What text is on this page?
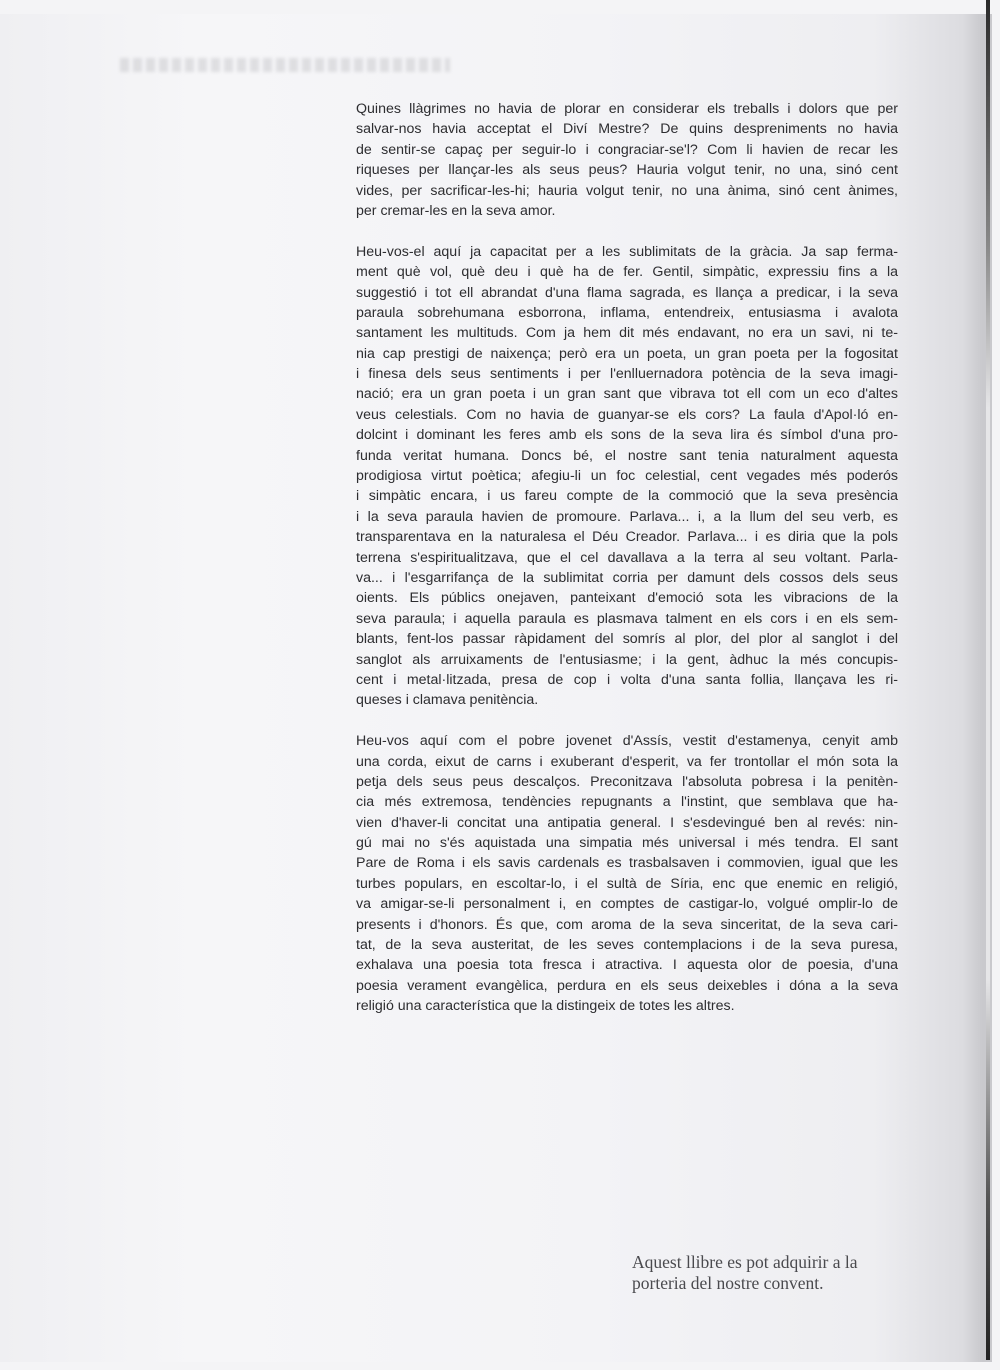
Quines llàgrimes no havia de plorar en considerar els treballs i dolors que per
salvar-nos havia acceptat el Diví Mestre? De quins despreniments no havia
de sentir-se capaç per seguir-lo i congraciar-se'l? Com li havien de recar les
riqueses per llançar-les als seus peus? Hauria volgut tenir, no una, sinó cent
vides, per sacrificar-les-hi; hauria volgut tenir, no una ànima, sinó cent ànimes,
per cremar-les en la seva amor.
Heu-vos-el aquí ja capacitat per a les sublimitats de la gràcia. Ja sap ferma-
ment què vol, què deu i què ha de fer. Gentil, simpàtic, expressiu fins a la
suggestió i tot ell abrandat d'una flama sagrada, es llança a predicar, i la seva
paraula sobrehumana esborrona, inflama, entendreix, entusiasma i avalota
santament les multituds. Com ja hem dit més endavant, no era un savi, ni te-
nia cap prestigi de naixença; però era un poeta, un gran poeta per la fogositat
i finesa dels seus sentiments i per l'enlluernadora potència de la seva imagi-
nació; era un gran poeta i un gran sant que vibrava tot ell com un eco d'altes
veus celestials. Com no havia de guanyar-se els cors? La faula d'Apol·ló en-
dolcint i dominant les feres amb els sons de la seva lira és símbol d'una pro-
funda veritat humana. Doncs bé, el nostre sant tenia naturalment aquesta
prodigiosa virtut poètica; afegiu-li un foc celestial, cent vegades més poderós
i simpàtic encara, i us fareu compte de la commoció que la seva presència
i la seva paraula havien de promoure. Parlava... i, a la llum del seu verb, es
transparentava en la naturalesa el Déu Creador. Parlava... i es diria que la pols
terrena s'espiritualitzava, que el cel davallava a la terra al seu voltant. Parla-
va... i l'esgarrifança de la sublimitat corria per damunt dels cossos dels seus
oients. Els públics onejaven, panteixant d'emoció sota les vibracions de la
seva paraula; i aquella paraula es plasmava talment en els cors i en els sem-
blants, fent-los passar ràpidament del somrís al plor, del plor al sanglot i del
sanglot als arruixaments de l'entusiasme; i la gent, àdhuc la més concupis-
cent i metal·litzada, presa de cop i volta d'una santa follia, llançava les ri-
queses i clamava penitència.
Heu-vos aquí com el pobre jovenet d'Assís, vestit d'estamenya, cenyit amb
una corda, eixut de carns i exuberant d'esperit, va fer trontollar el món sota la
petja dels seus peus descalços. Preconitzava l'absoluta pobresa i la penitèn-
cia més extremosa, tendències repugnants a l'instint, que semblava que ha-
vien d'haver-li concitat una antipatia general. I s'esdevingué ben al revés: nin-
gú mai no s'és aquistada una simpatia més universal i més tendra. El sant
Pare de Roma i els savis cardenals es trasbalsaven i commovien, igual que les
turbes populars, en escoltar-lo, i el sultà de Síria, enc que enemic en religió,
va amigar-se-li personalment i, en comptes de castigar-lo, volgué omplir-lo de
presents i d'honors. És que, com aroma de la seva sinceritat, de la seva cari-
tat, de la seva austeritat, de les seves contemplacions i de la seva puresa,
exhalava una poesia tota fresca i atractiva. I aquesta olor de poesia, d'una
poesia verament evangèlica, perdura en els seus deixebles i dóna a la seva
religió una característica que la distingeix de totes les altres.
Aquest llibre es pot adquirir a la
porteria del nostre convent.
